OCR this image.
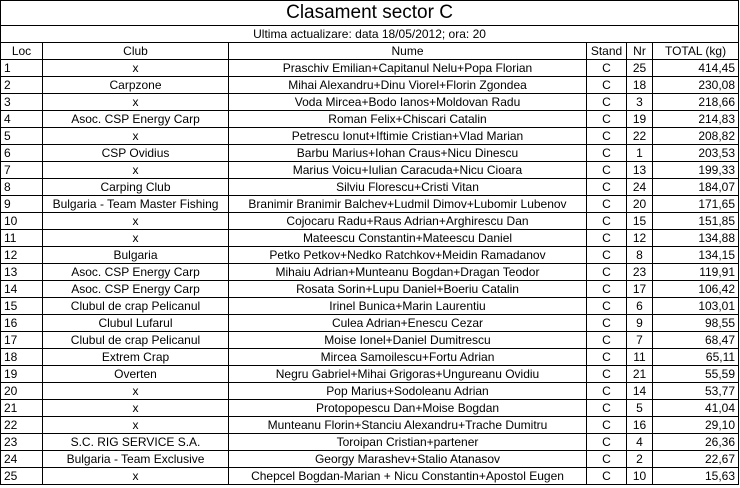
Clasament sector C					
Ultima actualizare: data 18/05/2012; ora: 20					
Loc	Club	Nume	Stand	Nr	TOTAL (kg)
1	x	Praschiv Emilian+Capitanul Nelu+Popa Florian	C	25	414,45
2	Carpzone	Mihai Alexandru+Dinu Viorel+Florin Zgondea	C	18	230,08
3	x	Voda Mircea+Bodo Ianos+Moldovan Radu	C	3	218,66
4	Asoc. CSP Energy Carp	Roman Felix+Chiscari Catalin	C	19	214,83
5	x	Petrescu Ionut+Iftimie Cristian+Vlad Marian	C	22	208,82
6	CSP Ovidius	Barbu Marius+Iohan Craus+Nicu Dinescu	C	1	203,53
7	x	Marius Voicu+Iulian Caracuda+Nicu Cioara	C	13	199,33
8	Carping Club	Silviu Florescu+Cristi Vitan	C	24	184,07
9	Bulgaria - Team Master Fishing	Branimir Branimir Balchev+Ludmil Dimov+Lubomir Lubenov	C	20	171,65
10	x	Cojocaru Radu+Raus Adrian+Arghirescu Dan	C	15	151,85
11	x	Mateescu Constantin+Mateescu Daniel	C	12	134,88
12	Bulgaria	Petko Petkov+Nedko Ratchkov+Meidin Ramadanov	C	8	134,15
13	Asoc. CSP Energy Carp	Mihaiu Adrian+Munteanu Bogdan+Dragan Teodor	C	23	119,91
14	Asoc. CSP Energy Carp	Rosata Sorin+Lupu Daniel+Boeriu Catalin	C	17	106,42
15	Clubul de crap Pelicanul	Irinel Bunica+Marin Laurentiu	C	6	103,01
16	Clubul Lufarul	Culea Adrian+Enescu Cezar	C	9	98,55
17	Clubul de crap Pelicanul	Moise Ionel+Daniel Dumitrescu	C	7	68,47
18	Extrem Crap	Mircea Samoilescu+Fortu Adrian	C	11	65,11
19	Overten	Negru Gabriel+Mihai Grigoras+Ungureanu Ovidiu	C	21	55,59
20	x	Pop Marius+Sodoleanu Adrian	C	14	53,77
21	x	Protopopescu Dan+Moise Bogdan	C	5	41,04
22	x	Munteanu Florin+Stanciu Alexandru+Trache Dumitru	C	16	29,10
23	S.C. RIG SERVICE S.A.	Toroipan Cristian+partener	C	4	26,36
24	Bulgaria - Team Exclusive	Georgy Marashev+Stalio Atanasov	C	2	22,67
25	x	Chepcel Bogdan-Marian + Nicu Constantin+Apostol Eugen	C	10	15,63
